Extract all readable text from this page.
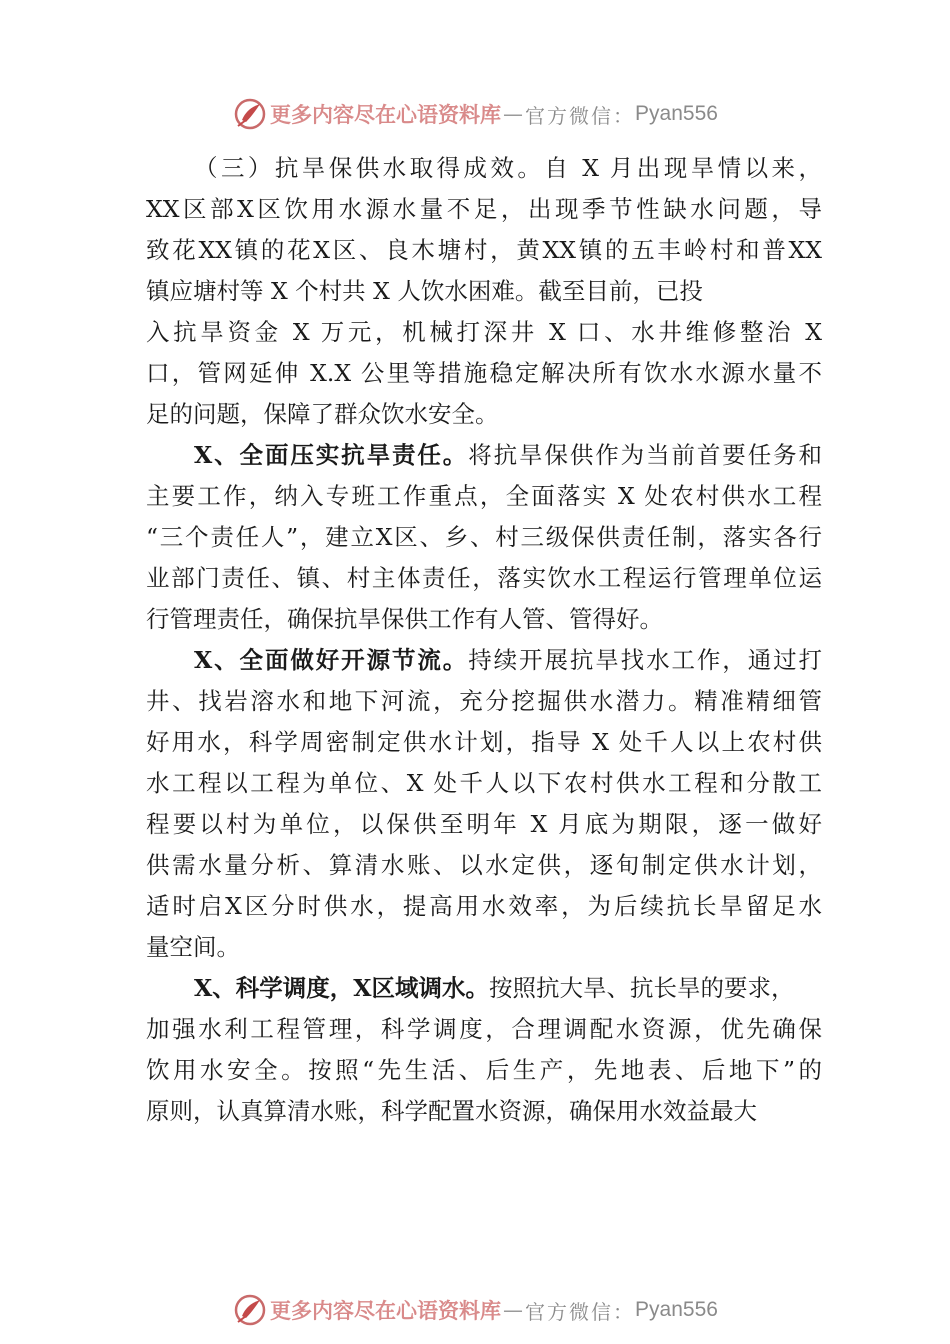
更多内容尽在心语资料库 — 官方微信： Pyan556
（三）抗旱保供水取得成效。自 X 月出现旱情以来，
XX区部X区饮用水源水量不足，出现季节性缺水问题，导
致花XX镇的花X区、良木塘村，黄XX镇的五丰岭村和普XX
镇应塘村等 X 个村共 X 人饮水困难。截至目前，已投
入抗旱资金 X 万元，机械打深井 X 口、水井维修整治 X
口，管网延伸 X.X 公里等措施稳定解决所有饮水水源水量不
足的问题，保障了群众饮水安全。
X、全面压实抗旱责任。将抗旱保供作为当前首要任务和
主要工作，纳入专班工作重点，全面落实 X 处农村供水工程
“三个责任人”，建立X区、乡、村三级保供责任制，落实各行
业部门责任、镇、村主体责任，落实饮水工程运行管理单位运
行管理责任，确保抗旱保供工作有人管、管得好。
X、全面做好开源节流。持续开展抗旱找水工作，通过打
井、找岩溶水和地下河流，充分挖掘供水潜力。精准精细管
好用水，科学周密制定供水计划，指导 X 处千人以上农村供
水工程以工程为单位、X 处千人以下农村供水工程和分散工
程要以村为单位，以保供至明年 X 月底为期限，逐一做好
供需水量分析、算清水账、以水定供，逐旬制定供水计划，
适时启X区分时供水，提高用水效率，为后续抗长旱留足水
量空间。
X、科学调度，X区域调水。按照抗大旱、抗长旱的要求，
加强水利工程管理，科学调度，合理调配水资源，优先确保
饮用水安全。按照“先生活、后生产，先地表、后地下”的
原则，认真算清水账，科学配置水资源，确保用水效益最大
更多内容尽在心语资料库 — 官方微信： Pyan556
